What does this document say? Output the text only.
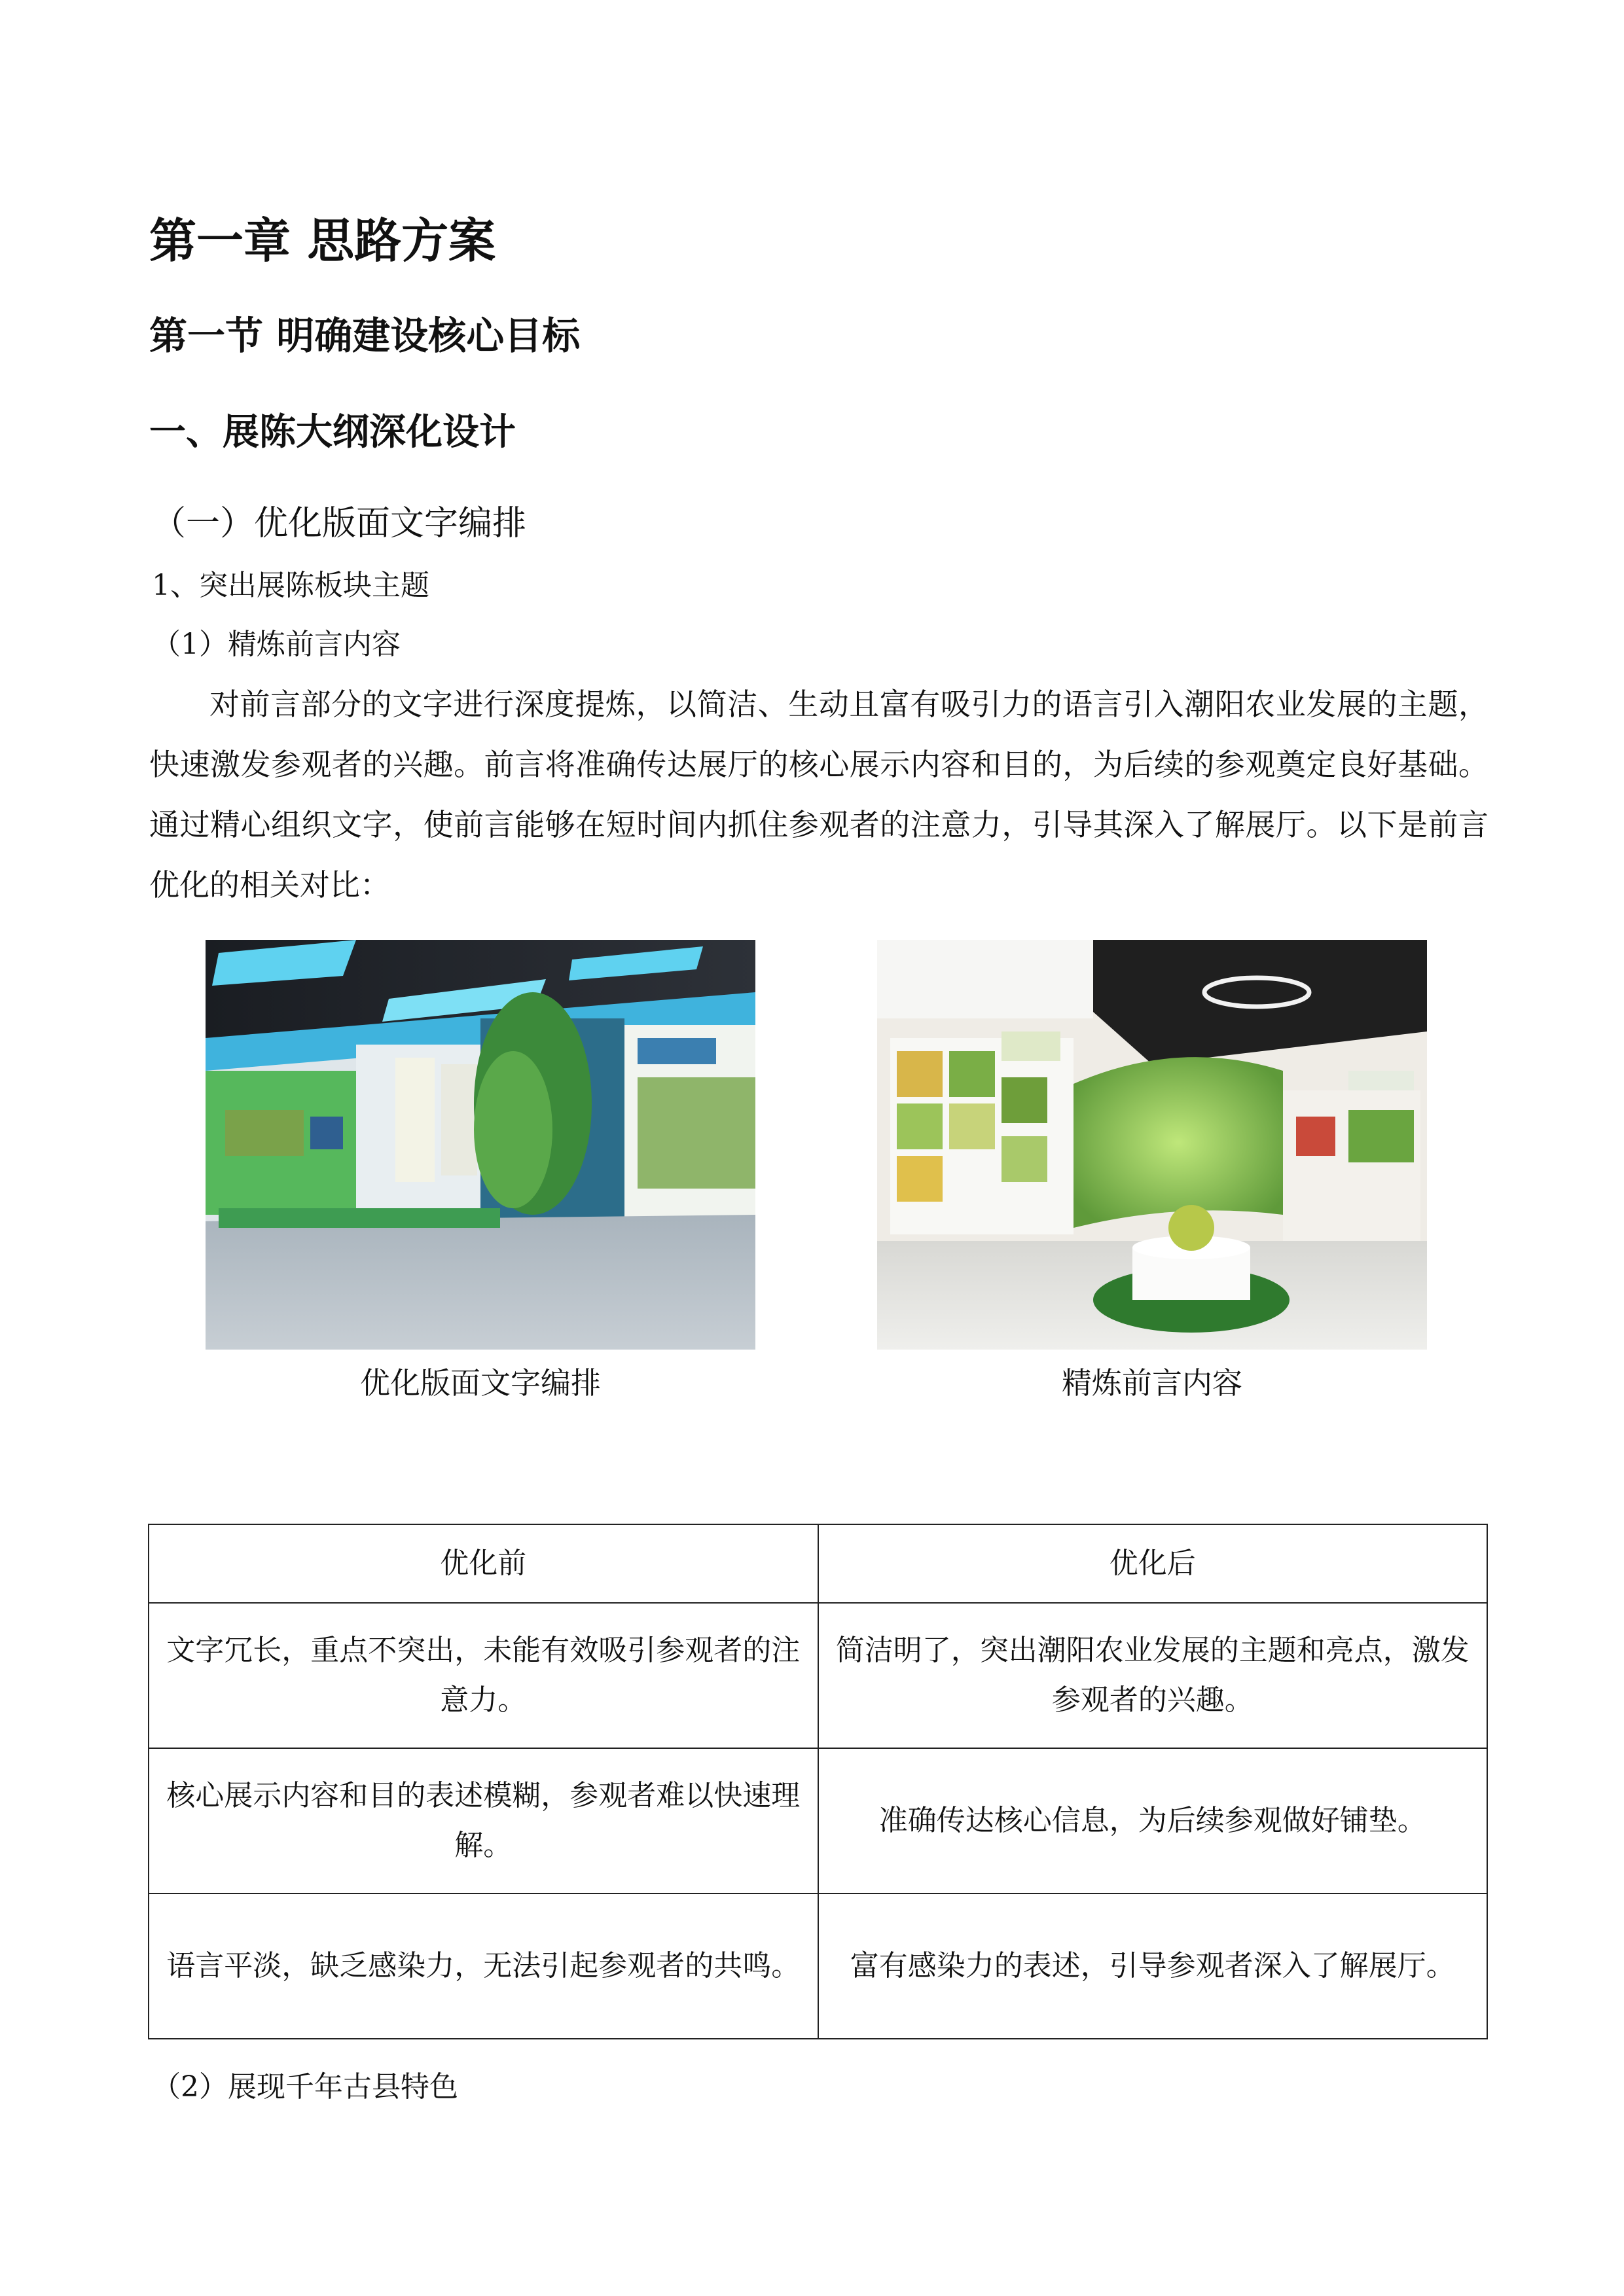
第一章 思路方案
第一节 明确建设核心目标
一、展陈大纲深化设计
（一）优化版面文字编排
1、突出展陈板块主题
（1）精炼前言内容
对前言部分的文字进行深度提炼，以简洁、生动且富有吸引力的语言引入潮阳农业发展的主题，快速激发参观者的兴趣。前言将准确传达展厅的核心展示内容和目的，为后续的参观奠定良好基础。通过精心组织文字，使前言能够在短时间内抓住参观者的注意力，引导其深入了解展厅。以下是前言优化的相关对比：
优化版面文字编排	精炼前言内容
优化前	优化后
文字冗长，重点不突出，未能有效吸引参观者的注意力。	简洁明了，突出潮阳农业发展的主题和亮点，激发参观者的兴趣。
核心展示内容和目的表述模糊，参观者难以快速理解。	准确传达核心信息，为后续参观做好铺垫。
语言平淡，缺乏感染力，无法引起参观者的共鸣。	富有感染力的表述，引导参观者深入了解展厅。
（2）展现千年古县特色
